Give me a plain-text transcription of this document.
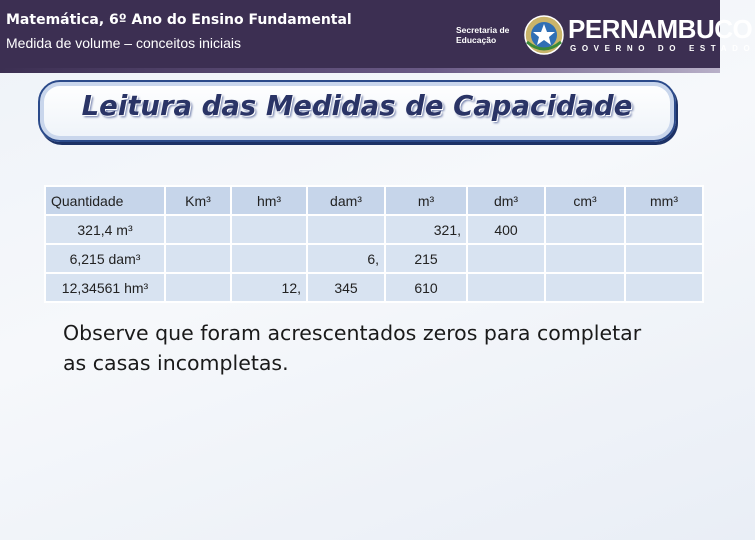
Matemática, 6º Ano do Ensino Fundamental
Medida de volume – conceitos iniciais
Secretaria de
Educação	PERNAMBUCO
GOVERNO DO ESTADO
Leitura das Medidas de Capacidade
Quantidade	Km³	hm³	dam³	m³	dm³	cm³	mm³
321,4 m³				321,	400		
6,215 dam³			6,	215			
12,34561 hm³		12,	345	610			
Observe que foram acrescentados zeros para completar as casas incompletas.
